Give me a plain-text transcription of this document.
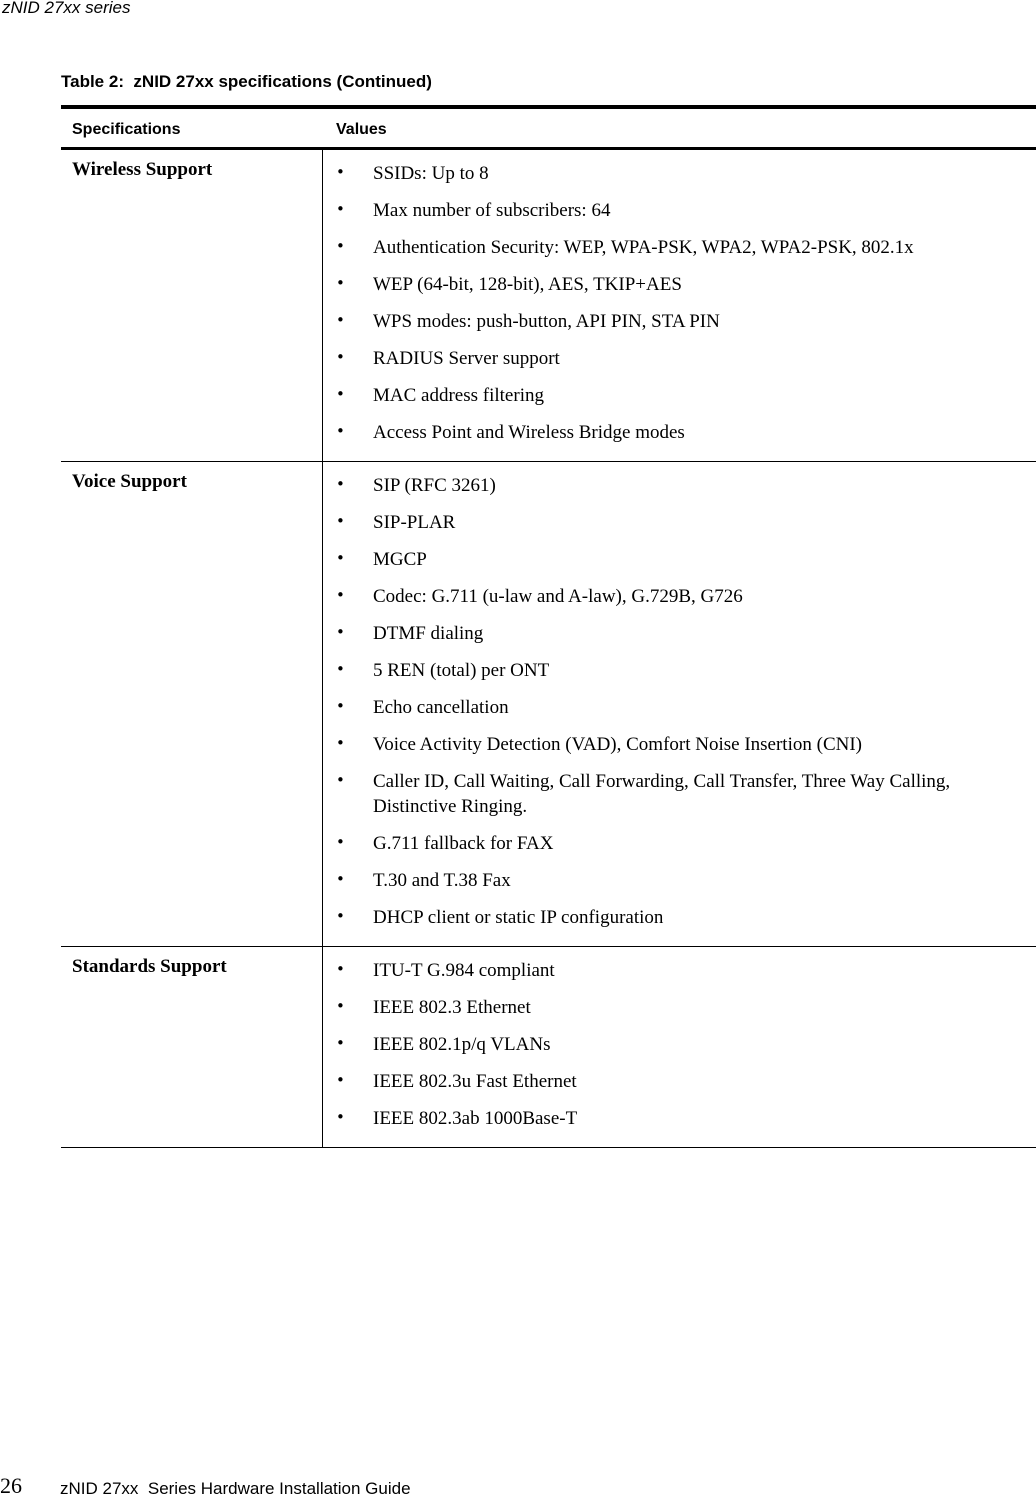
zNID 27xx series
Table 2:  zNID 27xx specifications (Continued)
Specifications	Values
Wireless Support	• SSIDs: Up to 8
• Max number of subscribers: 64
• Authentication Security: WEP, WPA-PSK, WPA2, WPA2-PSK, 802.1x
• WEP (64-bit, 128-bit), AES, TKIP+AES
• WPS modes: push-button, API PIN, STA PIN
• RADIUS Server support
• MAC address filtering
• Access Point and Wireless Bridge modes
Voice Support	• SIP (RFC 3261)
• SIP-PLAR
• MGCP
• Codec: G.711 (u-law and A-law), G.729B, G726
• DTMF dialing
• 5 REN (total) per ONT
• Echo cancellation
• Voice Activity Detection (VAD), Comfort Noise Insertion (CNI)
• Caller ID, Call Waiting, Call Forwarding, Call Transfer, Three Way Calling, Distinctive Ringing.
• G.711 fallback for FAX
• T.30 and T.38 Fax
• DHCP client or static IP configuration
Standards Support	• ITU-T G.984 compliant
• IEEE 802.3 Ethernet
• IEEE 802.1p/q VLANs
• IEEE 802.3u Fast Ethernet
• IEEE 802.3ab 1000Base-T
26 zNID 27xx  Series Hardware Installation Guide
